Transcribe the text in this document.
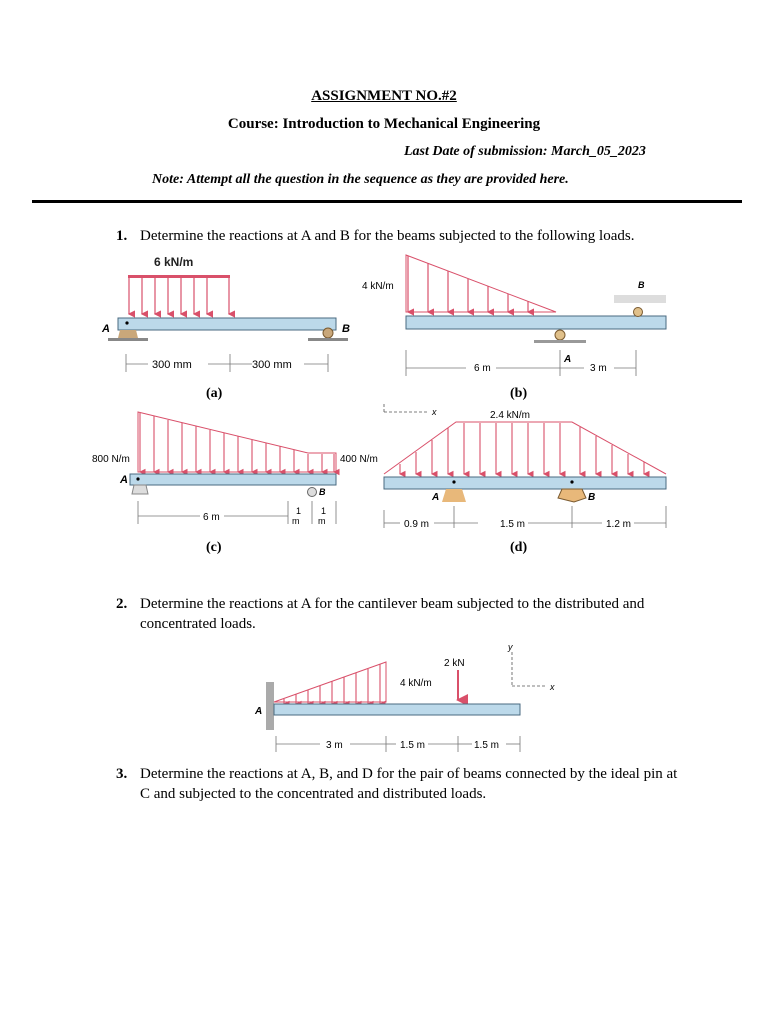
ASSIGNMENT NO.#2
Course: Introduction to Mechanical Engineering
Last Date of submission: March_05_2023
Note: Attempt all the question in the sequence as they are provided here.
1. Determine the reactions at A and B for the beams subjected to the following loads.
6 kN/m
A	B
300 mm	300 mm
(a)
4 kN/m	B
A
6 m	3 m
(b)
800 N/m	400 N/m
A
B
6 m
1
m
1
m
(c)
x	2.4 kN/m
A	B
0.9 m	1.5 m	1.2 m
(d)
2. Determine the reactions at A for the cantilever beam subjected to the distributed and concentrated loads.
4 kN/m
2 kN
A
y
x
3 m	1.5 m	1.5 m
3. Determine the reactions at A, B, and D for the pair of beams connected by the ideal pin at C and subjected to the concentrated and distributed loads.
